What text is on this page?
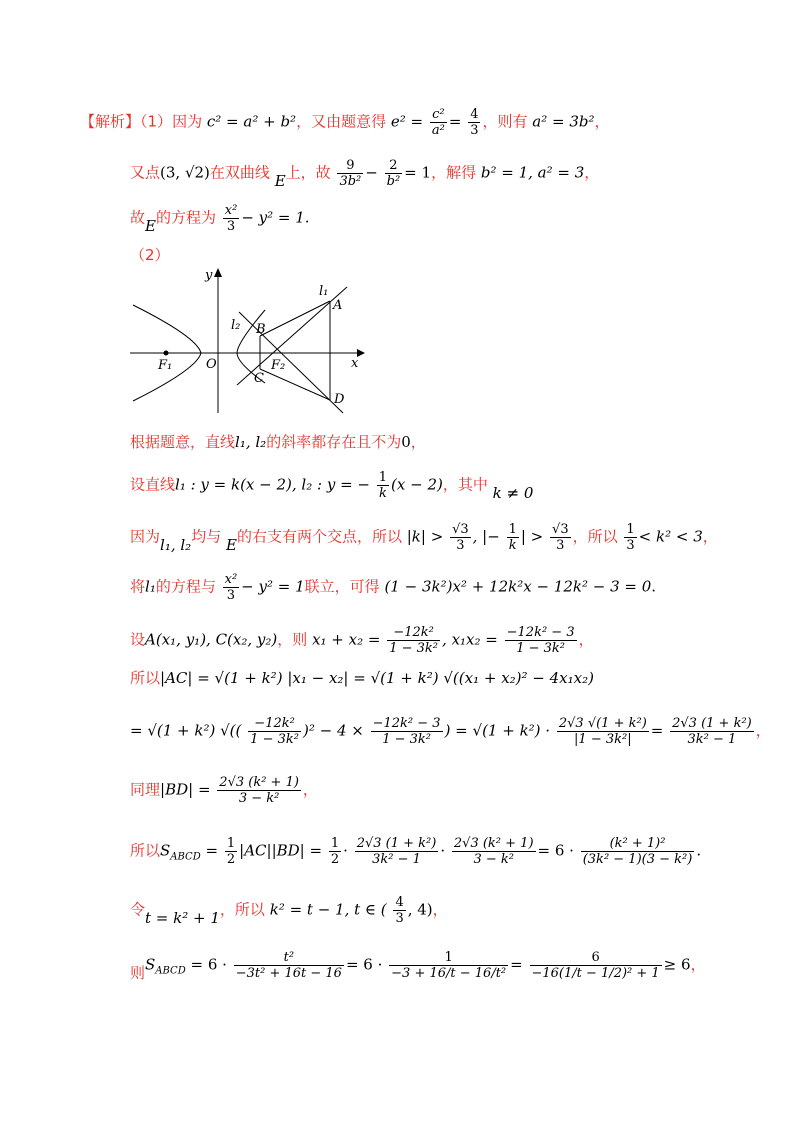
【解析】（1）因为 c² = a² + b²，又由题意得 $e^2 = \frac{\text{c²}}{\text{a²}} = \frac{4}{3}$ ，则有 a² = 3b²，
又点(3, √2)在双曲线 E上，故 $\frac{9}{\text{3b²}} - \frac{2}{\text{b²}} = 1$，解得 b² = 1, a² = 3，
故E的方程为 $\frac{\text{x²}}{3} - y^2 = 1$.
（2）
y
x
O
F₁	F₂
A
B
C
D
l₁
l₂
根据题意，直线l₁, l₂的斜率都存在且不为0，
设直线l₁ : y = k(x − 2), l₂ : y = − $\frac{1}{k} (x - 2)$，其中 k ≠ 0
因为l₁, l₂均与 E的右支有两个交点，所以 $|k| > \frac{√3}{3}$ , |− $\frac{1}{k}$ | > $\frac{√3}{3}$ ，所以 $\frac{1}{3} < k^2 < 3$，
将l₁的方程与 $\frac{\text{x²}}{3} - y^2 = 1$联立，可得 (1 − 3k²)x² + 12k²x − 12k² − 3 = 0.
设A(x₁, y₁), C(x₂, y₂)，则 $x_1 + x_2 = \frac{\text{−12k²}}{\text{1 − 3k²}}$ , $x_1x_2 = \frac{\text{−12k² − 3}}{\text{1 − 3k²}}$ ，
所以|AC| = √(1 + k²) |x₁ − x₂| = √(1 + k²) √((x₁ + x₂)² − 4x₁x₂)
= √(1 + k²) √(( $\frac{\text{−12k²}}{\text{1 − 3k²}} )^2 - 4 \times \frac{\text{−12k² − 3}}{\text{1 − 3k²}}$ ) = $√(1 + k^2) \cdot \frac{\text{2√3 √(1 + k²)}}{\text{|1 − 3k²|}} = \frac{\text{2√3 (1 + k²)}}{\text{3k² − 1}}$ ，
同理$|BD| = \frac{\text{2√3 (k² + 1)}}{\text{3 − k²}}$ ，
所以$S_{ABCD} = \frac{1}{2} |AC||BD| = \frac{1}{2} \cdot \frac{\text{2√3 (1 + k²)}}{\text{3k² − 1}} \cdot \frac{\text{2√3 (k² + 1)}}{\text{3 − k²}} = 6 \cdot \frac{\text{(k² + 1)²}}{\text{(3k² − 1)(3 − k²)}}$ .
令t = k² + 1，所以 k² = t − 1, t ∈ ( $\frac{4}{3}$ , 4)，
则$S_{ABCD} = 6 \cdot \frac{\text{t²}}{\text{−3t² + 16t − 16}} = 6 \cdot \frac{1}{\text{−3 + 16/t − 16/t²}} = \frac{6}{\text{−16(1/t − 1/2)² + 1}} \ge 6$，
